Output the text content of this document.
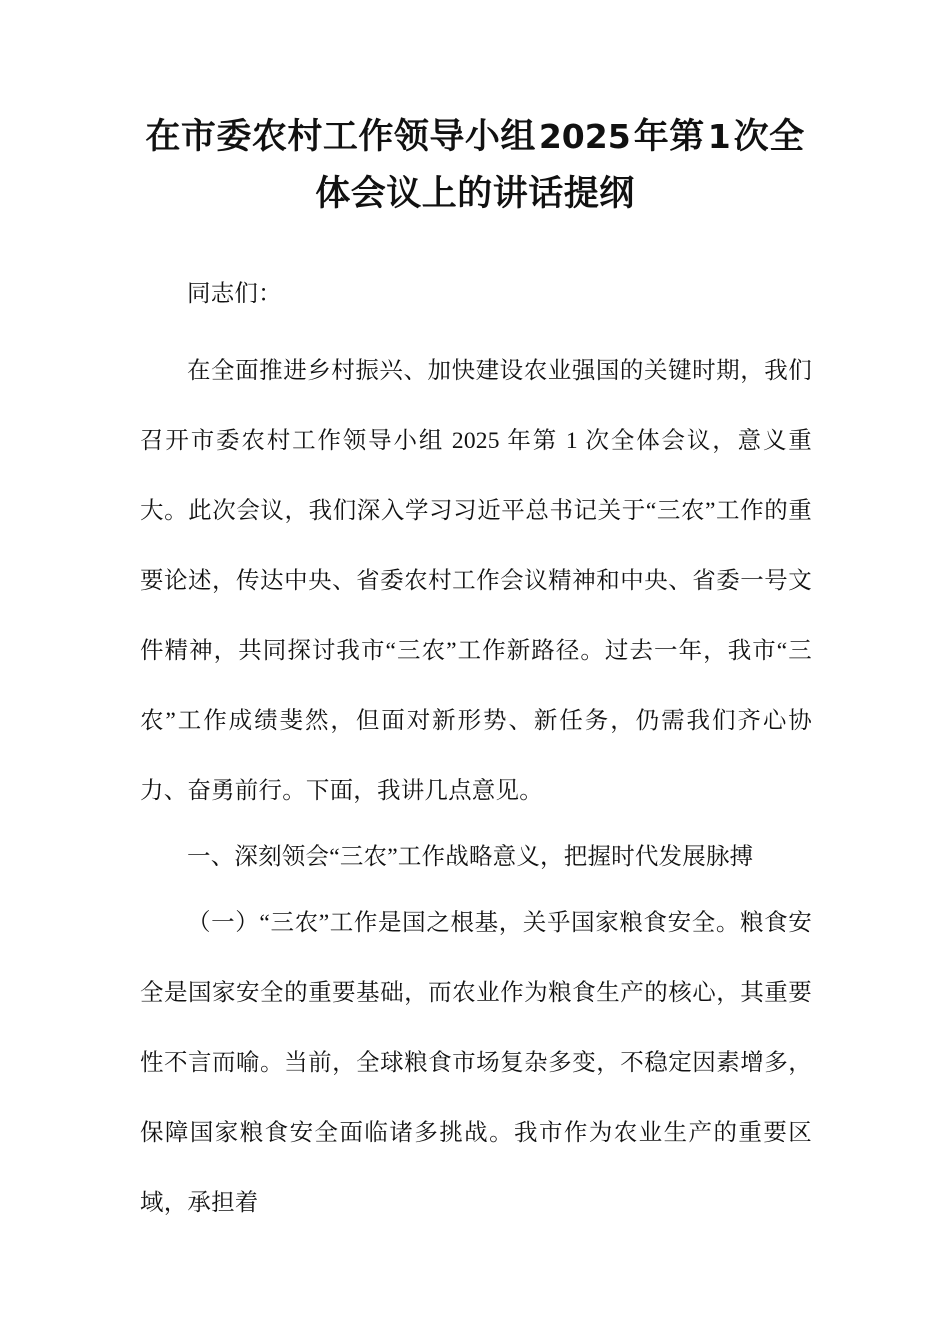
在市委农村工作领导小组2025年第1次全
体会议上的讲话提纲

同志们：

在全面推进乡村振兴、加快建设农业强国的关键时期，我们召开市委农村工作领导小组 2025 年第 1 次全体会议，意义重大。此次会议，我们深入学习习近平总书记关于“三农”工作的重要论述，传达中央、省委农村工作会议精神和中央、省委一号文件精神，共同探讨我市“三农”工作新路径。过去一年，我市“三农”工作成绩斐然，但面对新形势、新任务，仍需我们齐心协力、奋勇前行。下面，我讲几点意见。

一、深刻领会“三农”工作战略意义，把握时代发展脉搏

（一）“三农”工作是国之根基，关乎国家粮食安全。粮食安全是国家安全的重要基础，而农业作为粮食生产的核心，其重要性不言而喻。当前，全球粮食市场复杂多变，不稳定因素增多，保障国家粮食安全面临诸多挑战。我市作为农业生产的重要区域，承担着
